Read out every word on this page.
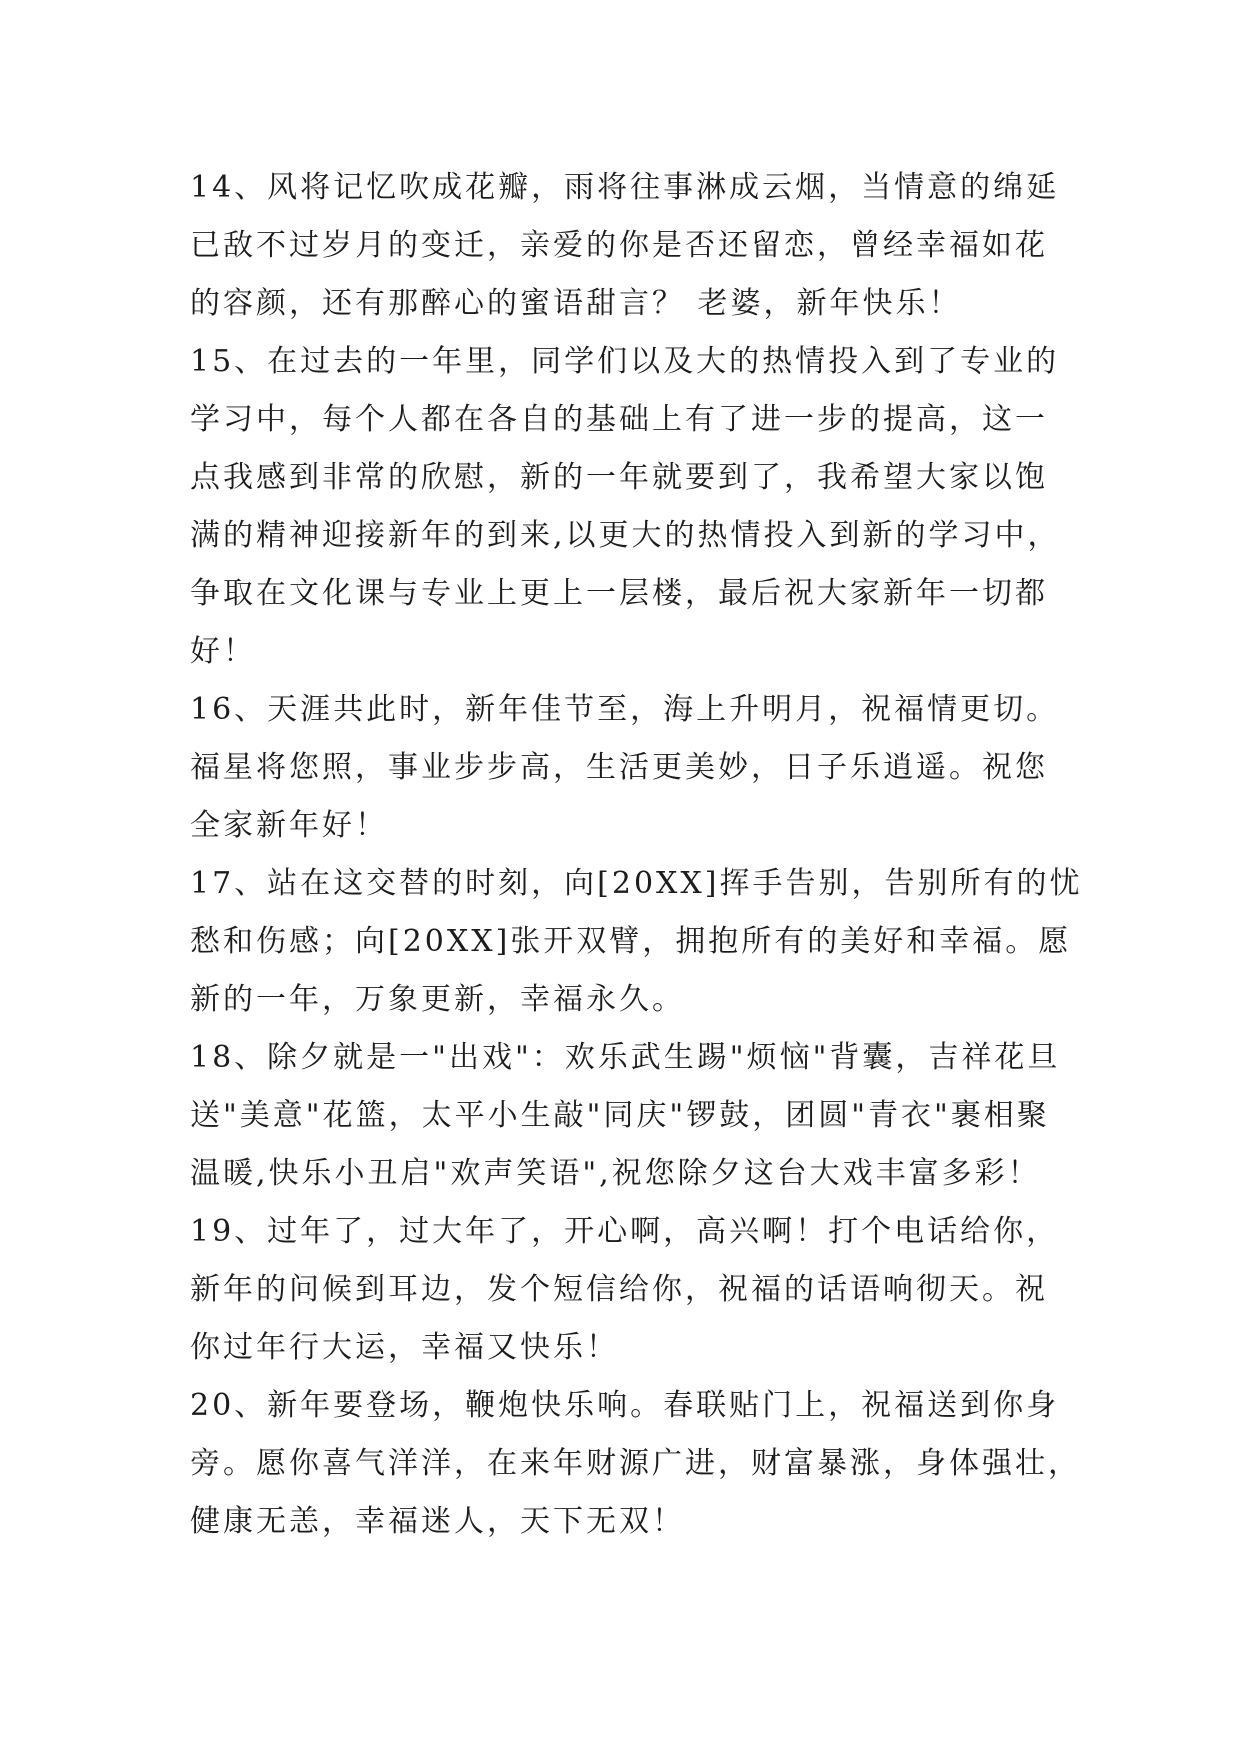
14、风将记忆吹成花瓣，雨将往事淋成云烟，当情意的绵延
已敌不过岁月的变迁，亲爱的你是否还留恋，曾经幸福如花
的容颜，还有那醉心的蜜语甜言？ 老婆，新年快乐！
15、在过去的一年里，同学们以及大的热情投入到了专业的
学习中，每个人都在各自的基础上有了进一步的提高，这一
点我感到非常的欣慰，新的一年就要到了，我希望大家以饱
满的精神迎接新年的到来,以更大的热情投入到新的学习中，
争取在文化课与专业上更上一层楼，最后祝大家新年一切都
好！
16、天涯共此时，新年佳节至，海上升明月，祝福情更切。
福星将您照，事业步步高，生活更美妙，日子乐逍遥。祝您
全家新年好！
17、站在这交替的时刻，向[20XX]挥手告别，告别所有的忧
愁和伤感；向[20XX]张开双臂，拥抱所有的美好和幸福。愿
新的一年，万象更新，幸福永久。
18、除夕就是一"出戏"：欢乐武生踢"烦恼"背囊，吉祥花旦
送"美意"花篮，太平小生敲"同庆"锣鼓，团圆"青衣"裹相聚
温暖,快乐小丑启"欢声笑语",祝您除夕这台大戏丰富多彩！
19、过年了，过大年了，开心啊，高兴啊！打个电话给你，
新年的问候到耳边，发个短信给你，祝福的话语响彻天。祝
你过年行大运，幸福又快乐！
20、新年要登场，鞭炮快乐响。春联贴门上，祝福送到你身
旁。愿你喜气洋洋，在来年财源广进，财富暴涨，身体强壮，
健康无恙，幸福迷人，天下无双！
